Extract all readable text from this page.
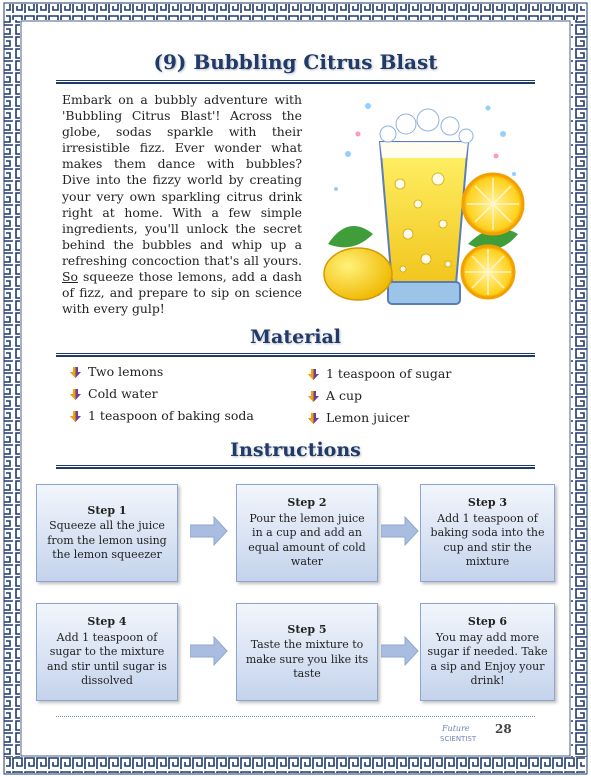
(9) Bubbling Citrus Blast

Embark on a bubbly adventure with 'Bubbling Citrus Blast'! Across the globe, sodas sparkle with their irresistible fizz. Ever wonder what makes them dance with bubbles? Dive into the fizzy world by creating your very own sparkling citrus drink right at home. With a few simple ingredients, you'll unlock the secret behind the bubbles and whip up a refreshing concoction that's all yours. So squeeze those lemons, add a dash of fizz, and prepare to sip on science with every gulp!

Material
Two lemons
Cold water
1 teaspoon of baking soda
1 teaspoon of sugar
A cup
Lemon juicer
Instructions
Step 1
Squeeze all the juice from the lemon using the lemon squeezer
Step 2
Pour the lemon juice in a cup and add an equal amount of cold water
Step 3
Add 1 teaspoon of baking soda into the cup and stir the mixture
Step 4
Add 1 teaspoon of sugar to the mixture and stir until sugar is dissolved
Step 5
Taste the mixture to make sure you like its taste
Step 6
You may add more sugar if needed. Take a sip and Enjoy your drink!
Future
SCIENTIST
28
